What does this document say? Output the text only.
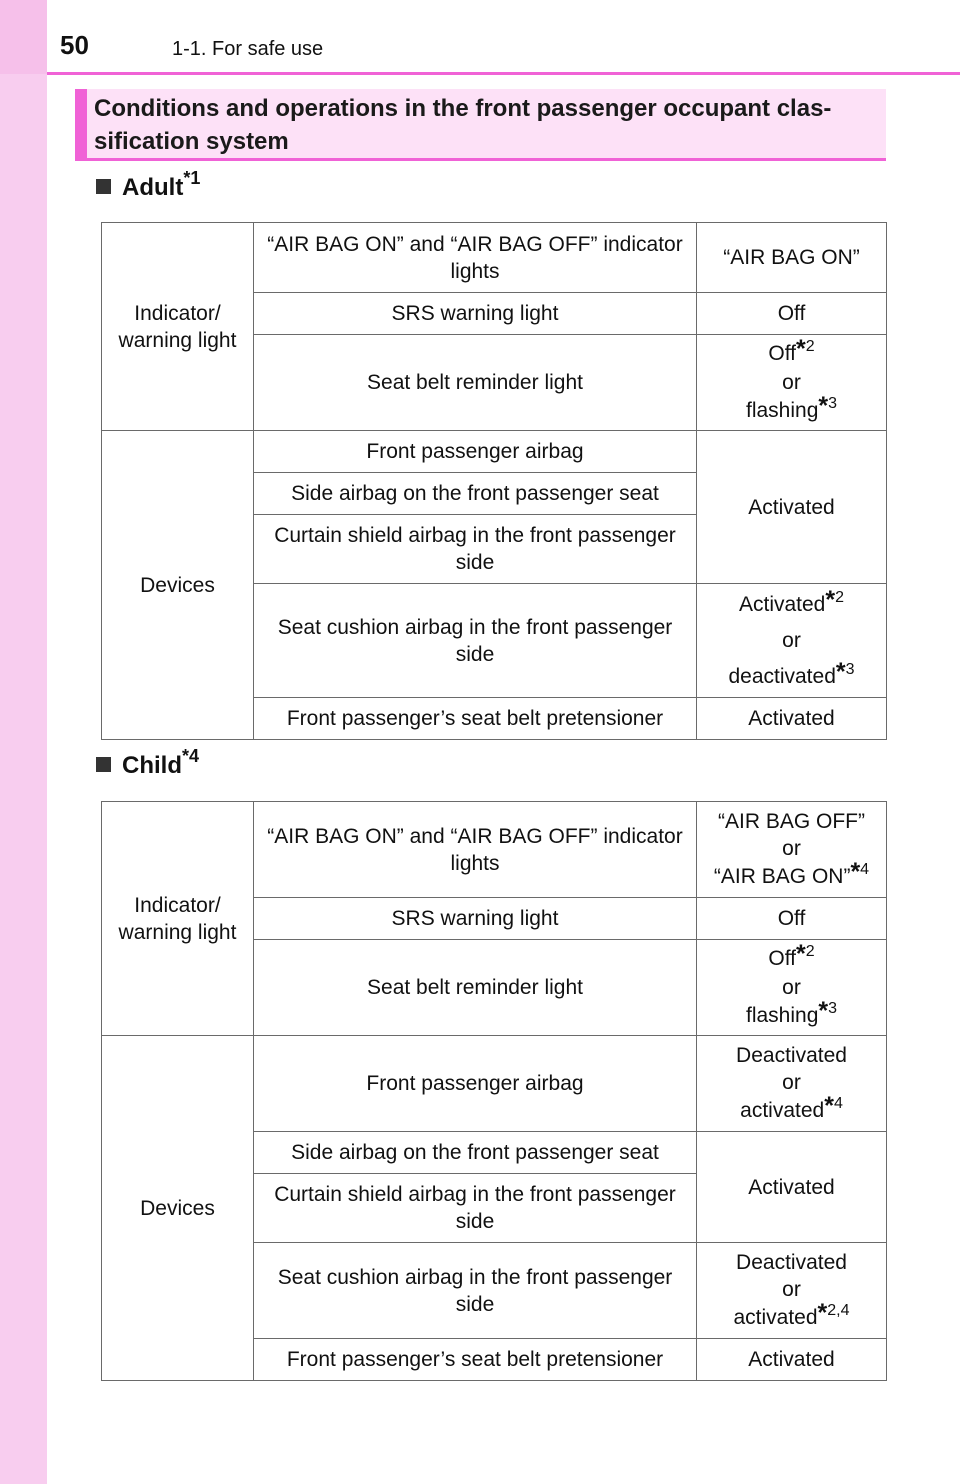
50	1-1. For safe use
Conditions and operations in the front passenger occupant clas-sification system
Adult$^{*1}$
Indicator/ warning light	“AIR BAG ON” and “AIR BAG OFF” indicator lights	“AIR BAG ON”
	SRS warning light	Off
	Seat belt reminder light	Off*$^2$
or
flashing*$^3$

Devices	Front passenger airbag	Activated
	Side airbag on the front passenger seat	
	Curtain shield airbag in the front passenger side	
	Seat cushion airbag in the front passenger side	Activated*$^2$
or
deactivated*$^3$

	Front passenger’s seat belt pretensioner	Activated
Child$^{*4}$
Indicator/ warning light	“AIR BAG ON” and “AIR BAG OFF” indicator lights	“AIR BAG OFF”
or
“AIR BAG ON”*$^4$

	SRS warning light	Off
	Seat belt reminder light	Off*$^2$
or
flashing*$^3$

Devices	Front passenger airbag	Deactivated
or
activated*$^4$

	Side airbag on the front passenger seat	Activated
	Curtain shield airbag in the front passenger side	
	Seat cushion airbag in the front passenger side	Deactivated
or
activated*$^{2,4}$

	Front passenger’s seat belt pretensioner	Activated
